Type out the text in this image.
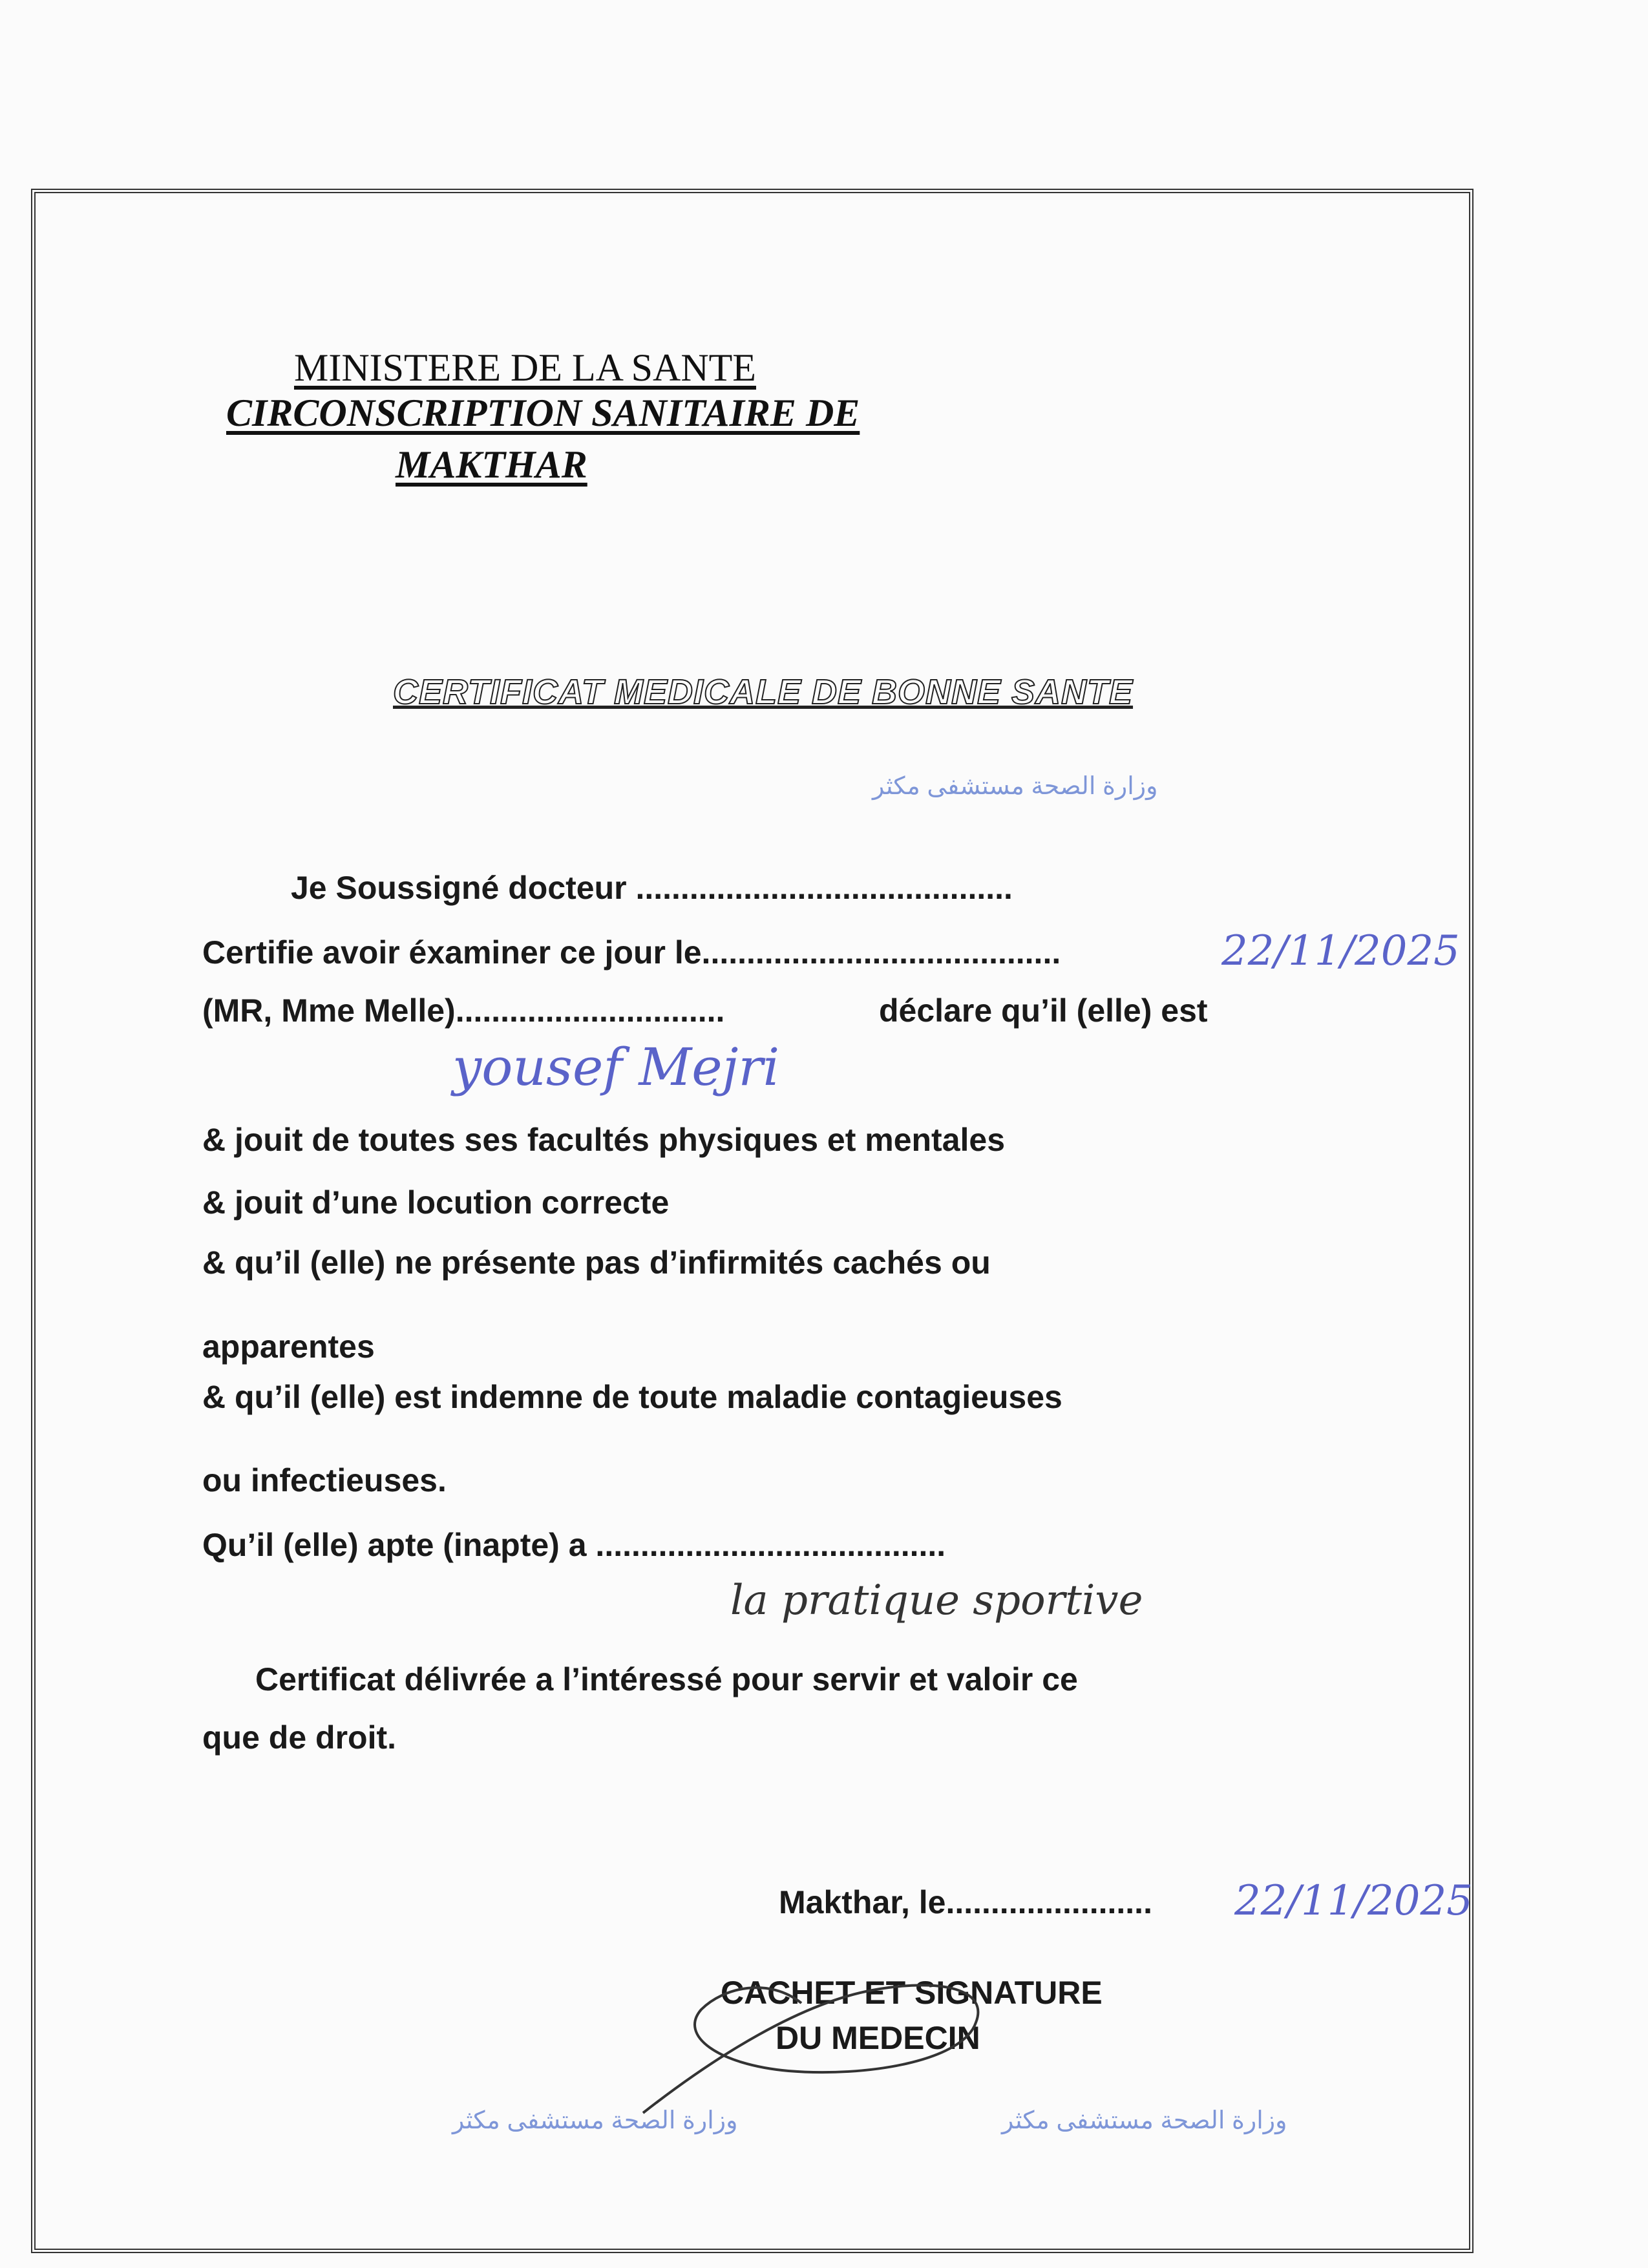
MINISTERE DE LA SANTE
CIRCONSCRIPTION SANITAIRE DE
MAKTHAR
CERTIFICAT MEDICALE DE BONNE SANTE
وزارة الصحة مستشفى مكثر
Je Soussigné docteur ..........................................
Certifie avoir éxaminer ce jour le........................................	22/11/2025
(MR, Mme Melle)..............................	déclare qu’il (elle) est
yousef Mejri
& jouit de toutes ses facultés physiques et mentales
& jouit d’une locution correcte
& qu’il (elle) ne présente pas d’infirmités cachés ou
apparentes
& qu’il (elle) est indemne de toute maladie contagieuses
ou infectieuses.
Qu’il (elle) apte (inapte) a .......................................
la pratique sportive
Certificat délivrée a l’intéressé pour servir et valoir ce
que de droit.
Makthar, le....................... 22/11/2025
CACHET ET SIGNATURE
DU MEDECIN
وزارة الصحة مستشفى مكثر	وزارة الصحة مستشفى مكثر
